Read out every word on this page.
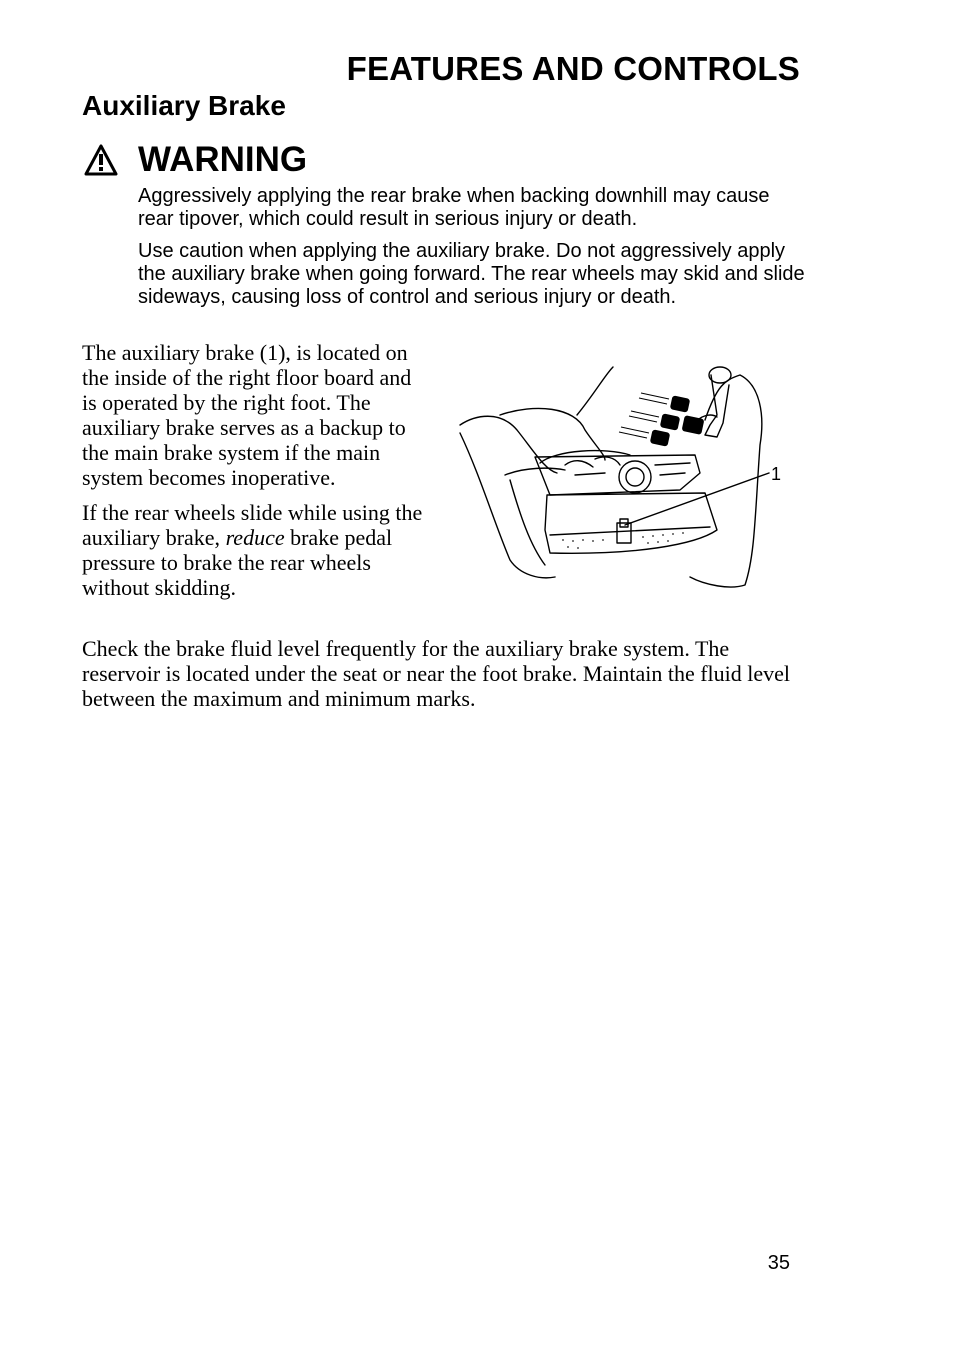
FEATURES AND CONTROLS
Auxiliary Brake
WARNING

Aggressively applying the rear brake when backing downhill may cause rear tipover, which could result in serious injury or death.

Use caution when applying the auxiliary brake. Do not aggressively apply the auxiliary brake when going forward. The rear wheels may skid and slide sideways, causing loss of control and serious injury or death.

The auxiliary brake (1), is located on the inside of the right floor board and is operated by the right foot. The auxiliary brake serves as a backup to the main brake system if the main system becomes inoperative.

If the rear wheels slide while using the auxiliary brake, reduce brake pedal pressure to brake the rear wheels without skidding.

1
Check the brake fluid level frequently for the auxiliary brake system. The reservoir is located under the seat or near the foot brake. Maintain the fluid level between the maximum and minimum marks.
35
